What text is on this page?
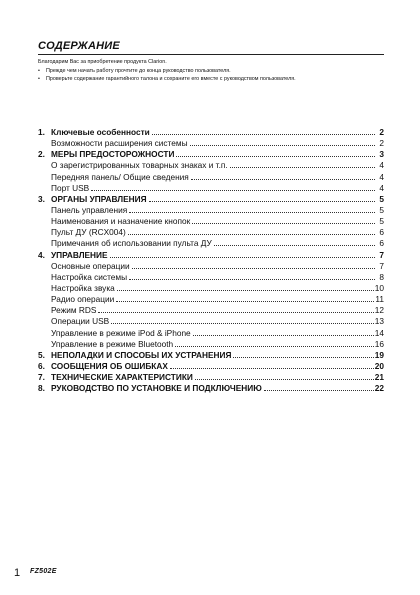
СОДЕРЖАНИЕ
Благодарим Вас за приобретение продукта Clarion.
• Прежде чем начать работу прочтите до конца руководство пользователя.
• Проверьте содержание гарантийного талона и сохраните его вместе с руководством пользователя.
1. Ключевые особенности	2
Возможности расширения системы	2
2. МЕРЫ ПРЕДОСТОРОЖНОСТИ	3
О зарегистрированных товарных знаках и т.п.	4
Передняя панель/ Общие сведения	4
Порт USB	4
3. ОРГАНЫ УПРАВЛЕНИЯ	5
Панель управления	5
Наименования и назначение кнопок	5
Пульт ДУ (RCX004)	6
Примечания об использовании пульта ДУ	6
4. УПРАВЛЕНИЕ	7
Основные операции	7
Настройка системы	8
Настройка звука	10
Радио операции	11
Режим RDS	12
Операции USB	13
Управление в режиме iPod & iPhone	14
Управление в режиме Bluetooth	16
5. НЕПОЛАДКИ И СПОСОБЫ ИХ УСТРАНЕНИЯ	19
6. СООБЩЕНИЯ ОБ ОШИБКАХ	20
7. ТЕХНИЧЕСКИЕ ХАРАКТЕРИСТИКИ	21
8. РУКОВОДСТВО ПО УСТАНОВКЕ И ПОДКЛЮЧЕНИЮ	22
1 FZ502E
